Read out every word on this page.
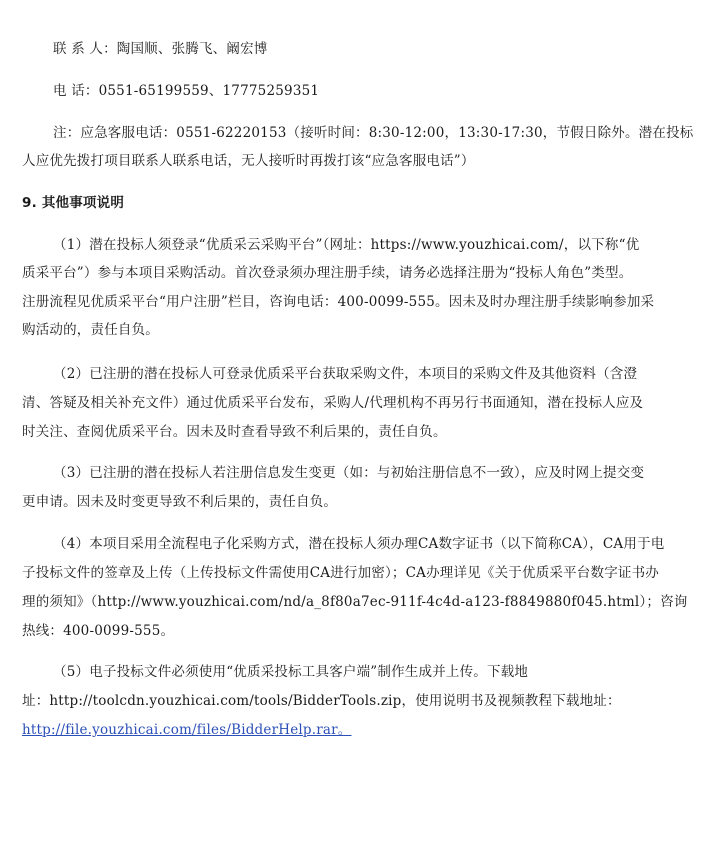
联 系 人：陶国顺、张腾飞、阚宏博
电 话：0551-65199559、17775259351
注：应急客服电话：0551-62220153（接听时间：8:30-12:00，13:30-17:30，节假日除外。潜在投标
人应优先拨打项目联系人联系电话，无人接听时再拨打该“应急客服电话”）
9. 其他事项说明
（1）潜在投标人须登录“优质采云采购平台”（网址：https://www.youzhicai.com/，以下称“优
质采平台”）参与本项目采购活动。首次登录须办理注册手续，请务必选择注册为“投标人角色”类型。
注册流程见优质采平台“用户注册”栏目，咨询电话：400-0099-555。因未及时办理注册手续影响参加采
购活动的，责任自负。
（2）已注册的潜在投标人可登录优质采平台获取采购文件，本项目的采购文件及其他资料（含澄
清、答疑及相关补充文件）通过优质采平台发布，采购人/代理机构不再另行书面通知，潜在投标人应及
时关注、查阅优质采平台。因未及时查看导致不利后果的，责任自负。
（3）已注册的潜在投标人若注册信息发生变更（如：与初始注册信息不一致），应及时网上提交变
更申请。因未及时变更导致不利后果的，责任自负。
（4）本项目采用全流程电子化采购方式，潜在投标人须办理CA数字证书（以下简称CA），CA用于电
子投标文件的签章及上传（上传投标文件需使用CA进行加密）；CA办理详见《关于优质采平台数字证书办
理的须知》（http://www.youzhicai.com/nd/a_8f80a7ec-911f-4c4d-a123-f8849880f045.html）；咨询
热线：400-0099-555。
（5）电子投标文件必须使用“优质采投标工具客户端”制作生成并上传。下载地
址：http://toolcdn.youzhicai.com/tools/BidderTools.zip，使用说明书及视频教程下载地址：
http://file.youzhicai.com/files/BidderHelp.rar。
